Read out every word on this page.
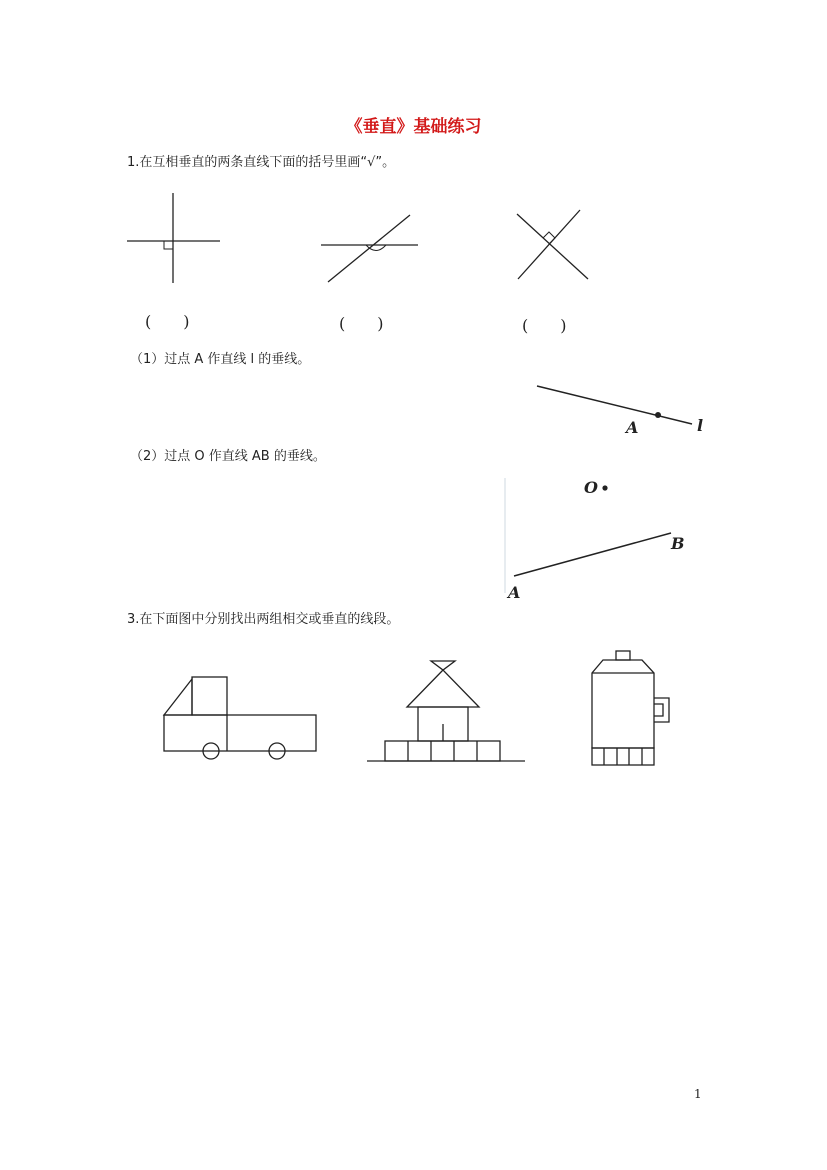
《垂直》基础练习
1.在互相垂直的两条直线下面的括号里画“√”。
(　　)	(　　)	(　　)
（1）过点 A 作直线 l 的垂线。
（2）过点 O 作直线 AB 的垂线。
A	l
O
B
A
3.在下面图中分别找出两组相交或垂直的线段。
1
